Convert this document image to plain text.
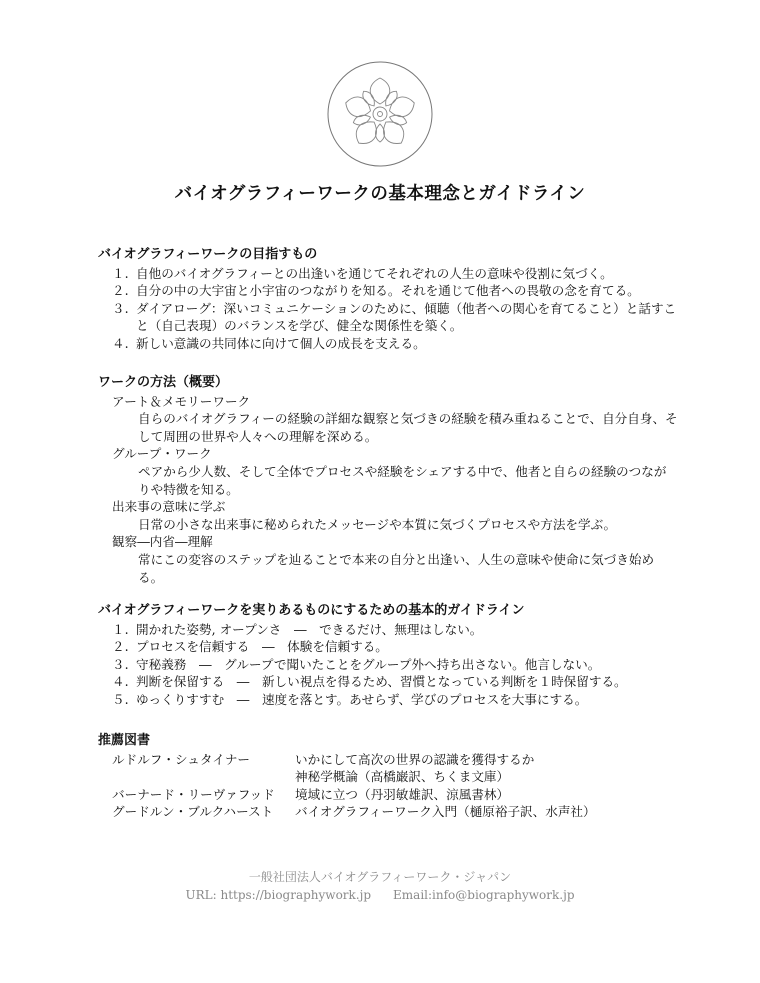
バイオグラフィーワークの基本理念とガイドライン
バイオグラフィーワークの目指すもの
１. 自他のバイオグラフィーとの出逢いを通じてそれぞれの人生の意味や役割に気づく。
２. 自分の中の大宇宙と小宇宙のつながりを知る。それを通じて他者への畏敬の念を育てる。
３. ダイアローグ：深いコミュニケーションのために、傾聴（他者への関心を育てること）と話すこと（自己表現）のバランスを学び、健全な関係性を築く。
４. 新しい意識の共同体に向けて個人の成長を支える。
ワークの方法（概要）
アート＆メモリーワーク
自らのバイオグラフィーの経験の詳細な観察と気づきの経験を積み重ねることで、自分自身、そして周囲の世界や人々への理解を深める。
グループ・ワーク
ペアから少人数、そして全体でプロセスや経験をシェアする中で、他者と自らの経験のつながりや特徴を知る。
出来事の意味に学ぶ
日常の小さな出来事に秘められたメッセージや本質に気づくプロセスや方法を学ぶ。
観察―内省―理解
常にこの変容のステップを辿ることで本来の自分と出逢い、人生の意味や使命に気づき始める。
バイオグラフィーワークを実りあるものにするための基本的ガイドライン
１. 開かれた姿勢, オープンさ　―　できるだけ、無理はしない。
２. プロセスを信頼する　―　体験を信頼する。
３. 守秘義務　―　グループで聞いたことをグループ外へ持ち出さない。他言しない。
４. 判断を保留する　―　新しい視点を得るため、習慣となっている判断を１時保留する。
５. ゆっくりすすむ　―　速度を落とす。あせらず、学びのプロセスを大事にする。
推薦図書
ルドルフ・シュタイナー	いかにして高次の世界の認識を獲得するか
神秘学概論（高橋巌訳、ちくま文庫）
バーナード・リーヴァフッド	境域に立つ（丹羽敏雄訳、涼風書林）
グードルン・ブルクハースト	バイオグラフィーワーク入門（樋原裕子訳、水声社）
一般社団法人バイオグラフィーワーク・ジャパン
URL: https://biographywork.jp Email:info@biographywork.jp
